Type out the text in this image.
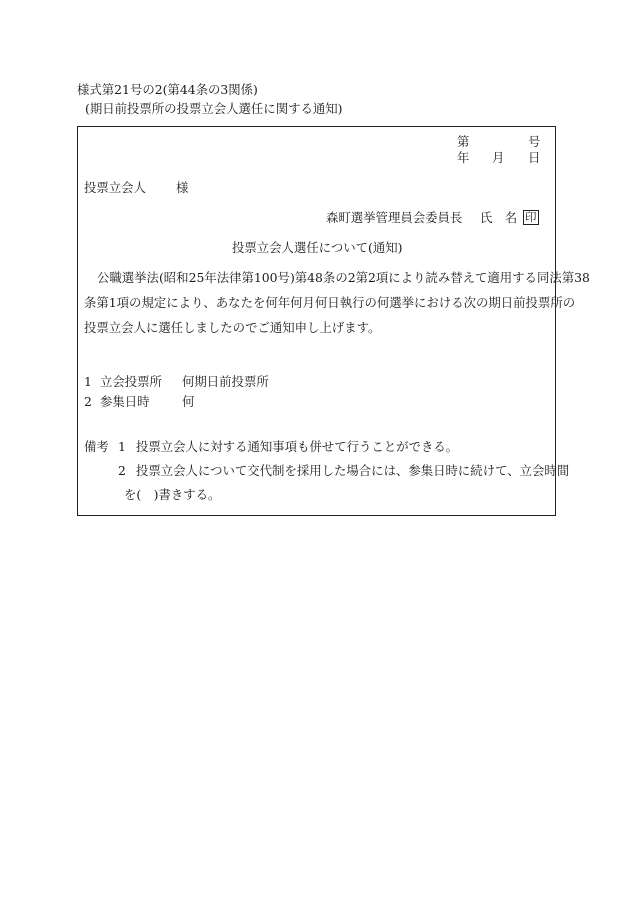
様式第21号の2(第44条の3関係)
(期日前投票所の投票立会人選任に関する通知)
第	号
年 月 日
投票立会人 様
森町選挙管理員会委員長 氏　名 印
投票立会人選任について(通知)
公職選挙法(昭和25年法律第100号)第48条の2第2項により読み替えて適用する同法第38
条第1項の規定により、あなたを何年何月何日執行の何選挙における次の期日前投票所の
投票立会人に選任しましたのでご通知申し上げます。
1 立会投票所 何期日前投票所
2 参集日時	何
備考 1 投票立会人に対する通知事項も併せて行うことができる。
2 投票立会人について交代制を採用した場合には、参集日時に続けて、立会時間
を(　)書きする。
